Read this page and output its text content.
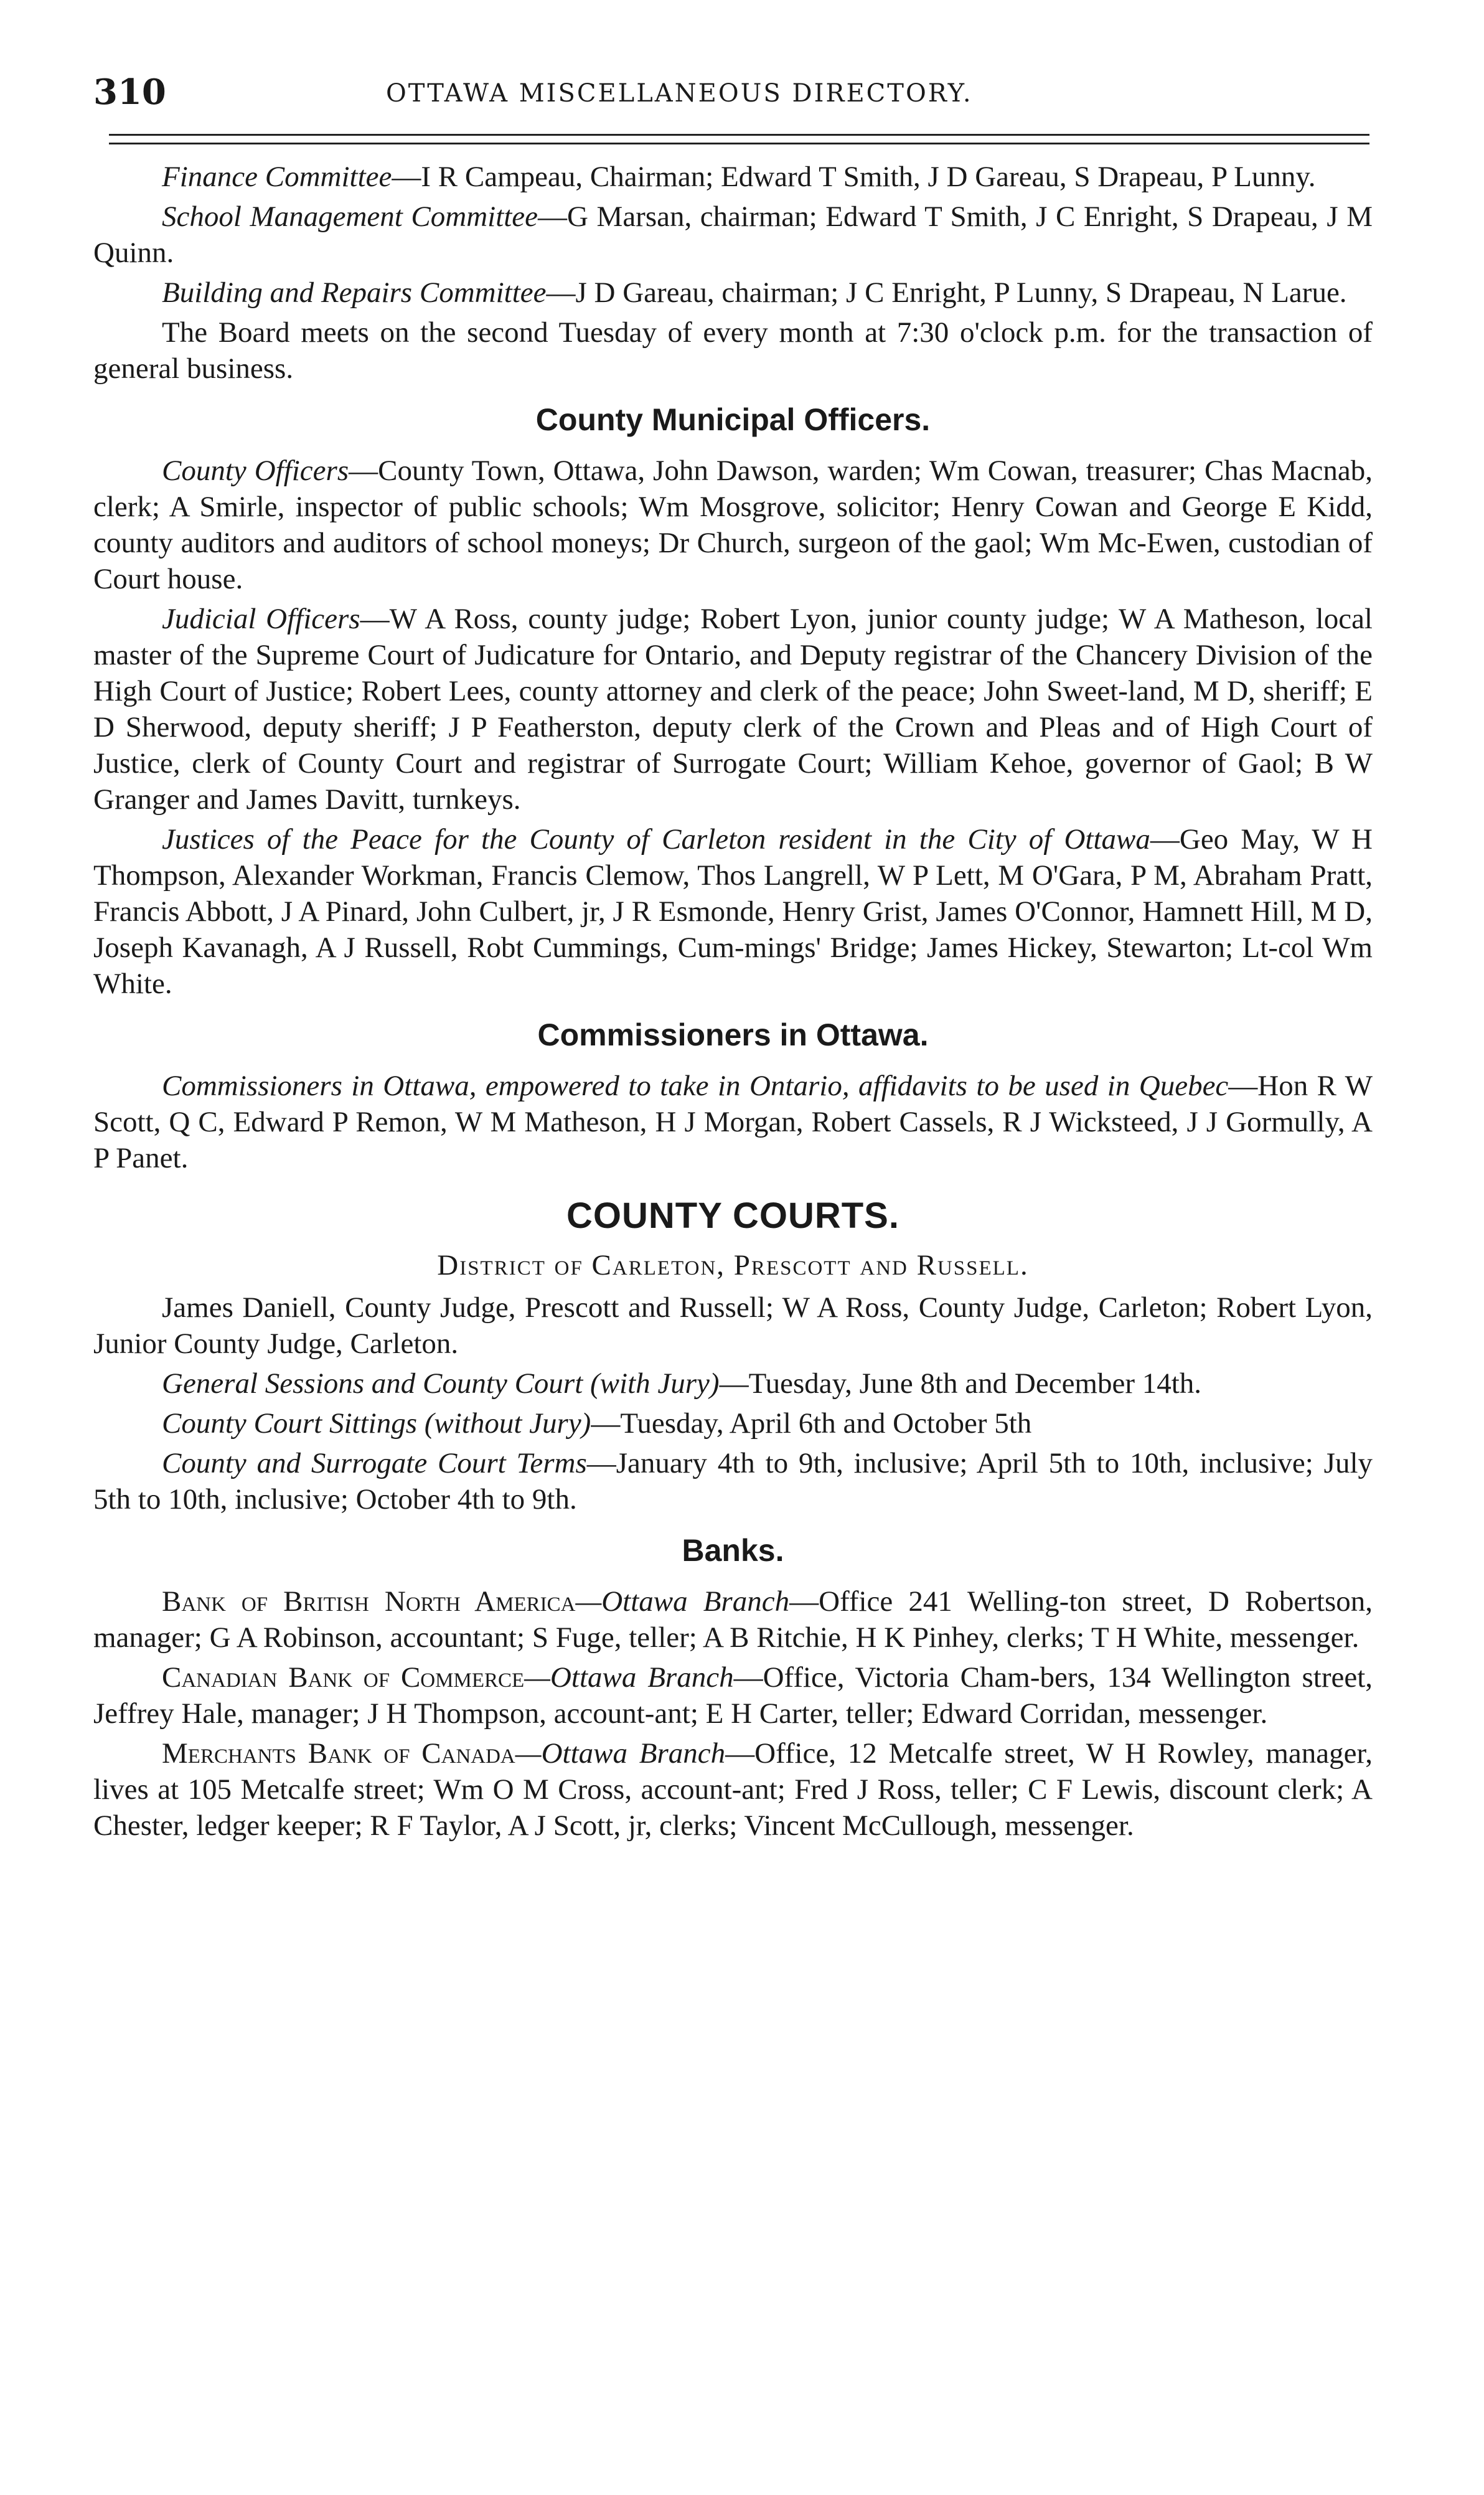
310	OTTAWA MISCELLANEOUS DIRECTORY.

Finance Committee—I R Campeau, Chairman; Edward T Smith, J D Gareau, S Drapeau, P Lunny.

School Management Committee—G Marsan, chairman; Edward T Smith, J C Enright, S Drapeau, J M Quinn.

Building and Repairs Committee—J D Gareau, chairman; J C Enright, P Lunny, S Drapeau, N Larue.

The Board meets on the second Tuesday of every month at 7:30 o'clock p.m. for the transaction of general business.

County Municipal Officers.

County Officers—County Town, Ottawa, John Dawson, warden; Wm Cowan, treasurer; Chas Macnab, clerk; A Smirle, inspector of public schools; Wm Mosgrove, solicitor; Henry Cowan and George E Kidd, county auditors and auditors of school moneys; Dr Church, surgeon of the gaol; Wm Mc-Ewen, custodian of Court house.

Judicial Officers—W A Ross, county judge; Robert Lyon, junior county judge; W A Matheson, local master of the Supreme Court of Judicature for Ontario, and Deputy registrar of the Chancery Division of the High Court of Justice; Robert Lees, county attorney and clerk of the peace; John Sweet-land, M D, sheriff; E D Sherwood, deputy sheriff; J P Featherston, deputy clerk of the Crown and Pleas and of High Court of Justice, clerk of County Court and registrar of Surrogate Court; William Kehoe, governor of Gaol; B W Granger and James Davitt, turnkeys.

Justices of the Peace for the County of Carleton resident in the City of Ottawa—Geo May, W H Thompson, Alexander Workman, Francis Clemow, Thos Langrell, W P Lett, M O'Gara, P M, Abraham Pratt, Francis Abbott, J A Pinard, John Culbert, jr, J R Esmonde, Henry Grist, James O'Connor, Hamnett Hill, M D, Joseph Kavanagh, A J Russell, Robt Cummings, Cum-mings' Bridge; James Hickey, Stewarton; Lt-col Wm White.

Commissioners in Ottawa.

Commissioners in Ottawa, empowered to take in Ontario, affidavits to be used in Quebec—Hon R W Scott, Q C, Edward P Remon, W M Matheson, H J Morgan, Robert Cassels, R J Wicksteed, J J Gormully, A P Panet.

COUNTY COURTS.
District of Carleton, Prescott and Russell.

James Daniell, County Judge, Prescott and Russell; W A Ross, County Judge, Carleton; Robert Lyon, Junior County Judge, Carleton.

General Sessions and County Court (with Jury)—Tuesday, June 8th and December 14th.

County Court Sittings (without Jury)—Tuesday, April 6th and October 5th

County and Surrogate Court Terms—January 4th to 9th, inclusive; April 5th to 10th, inclusive; July 5th to 10th, inclusive; October 4th to 9th.

Banks.

Bank of British North America—Ottawa Branch—Office 241 Welling-ton street, D Robertson, manager; G A Robinson, accountant; S Fuge, teller; A B Ritchie, H K Pinhey, clerks; T H White, messenger.

Canadian Bank of Commerce—Ottawa Branch—Office, Victoria Cham-bers, 134 Wellington street, Jeffrey Hale, manager; J H Thompson, account-ant; E H Carter, teller; Edward Corridan, messenger.

Merchants Bank of Canada—Ottawa Branch—Office, 12 Metcalfe street, W H Rowley, manager, lives at 105 Metcalfe street; Wm O M Cross, account-ant; Fred J Ross, teller; C F Lewis, discount clerk; A Chester, ledger keeper; R F Taylor, A J Scott, jr, clerks; Vincent McCullough, messenger.
